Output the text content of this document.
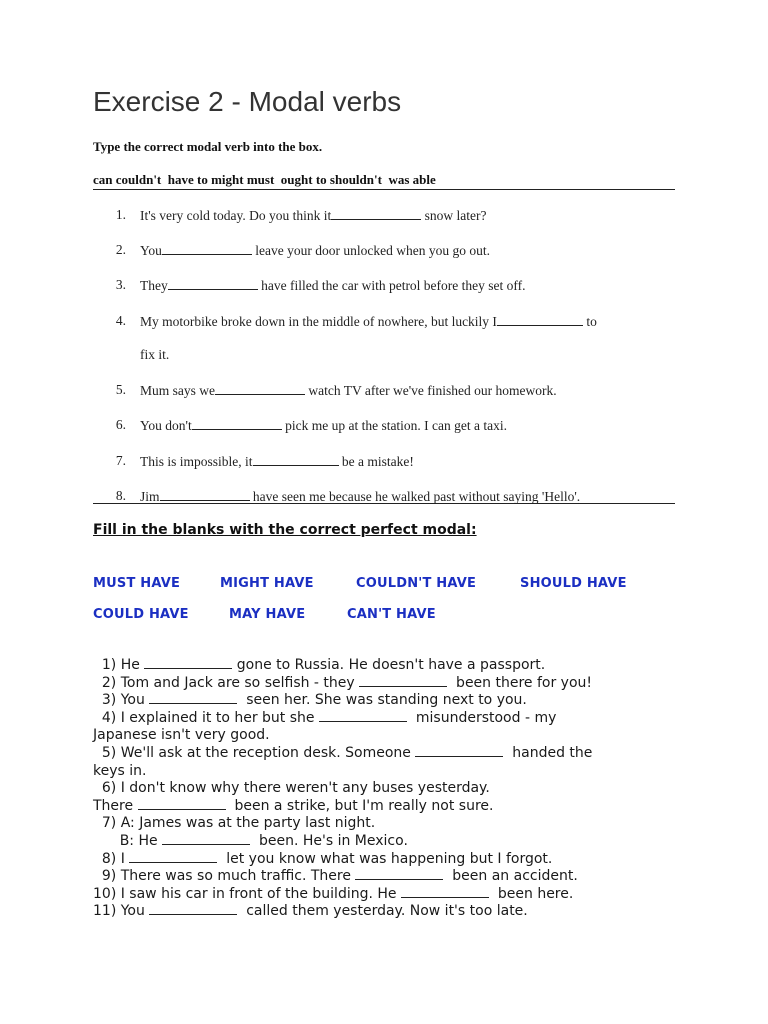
Exercise 2 - Modal verbs
Type the correct modal verb into the box.
can couldn't  have to might must  ought to shouldn't  was able
1. It's very cold today. Do you think it	snow later?
2. You	leave your door unlocked when you go out.
3. They	have filled the car with petrol before they set off.
4. My motorbike broke down in the middle of nowhere, but luckily I	to
fix it.
5. Mum says we	watch TV after we've finished our homework.
6. You don't	pick me up at the station. I can get a taxi.
7. This is impossible, it	be a mistake!
8. Jim	have seen me because he walked past without saying 'Hello'.
Fill in the blanks with the correct perfect modal:
MUST HAVE	MIGHT HAVE	COULDN'T HAVE	SHOULD HAVE
COULD HAVE	MAY HAVE	CAN'T HAVE
1) He	gone to Russia. He doesn't have a passport.
2) Tom and Jack are so selfish - they	been there for you!
3) You	seen her. She was standing next to you.
4) I explained it to her but she	misunderstood - my
Japanese isn't very good.
5) We'll ask at the reception desk. Someone	handed the
keys in.
6) I don't know why there weren't any buses yesterday.
There	been a strike, but I'm really not sure.
7) A: James was at the party last night.
B: He	been. He's in Mexico.
8) I	let you know what was happening but I forgot.
9) There was so much traffic. There	been an accident.
10) I saw his car in front of the building. He	been here.
11) You	called them yesterday. Now it's too late.
